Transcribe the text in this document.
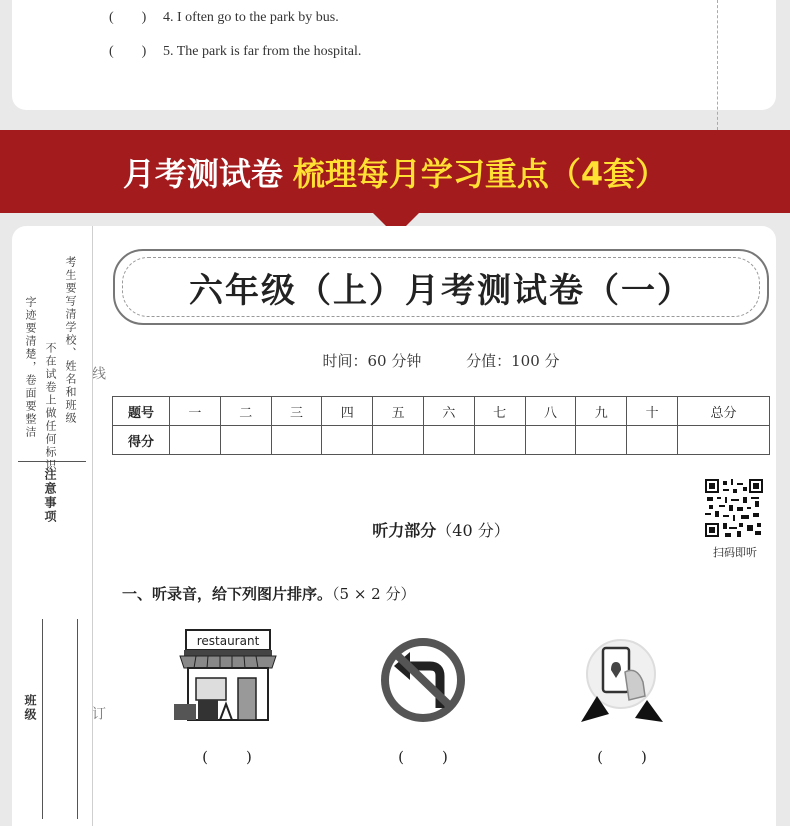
(        ) 4. I often go to the park by bus.
(        ) 5. The park is far from the hospital.
月考测试卷 梳理每月学习重点（4套）
考生要写清学校、姓名和班级
不在试卷上做任何标识
字迹要清楚，卷面要整洁
注意事项
线
班级	订
六年级（上）月考测试卷（一）
时间：60 分钟	分值：100 分
题号	一	二	三	四	五	六	七	八	九	十	总分
得分											
扫码即听
听力部分（40 分）
一、听录音，给下列图片排序。（5 × 2 分）
restaurant
(        )	(        )	(        )
